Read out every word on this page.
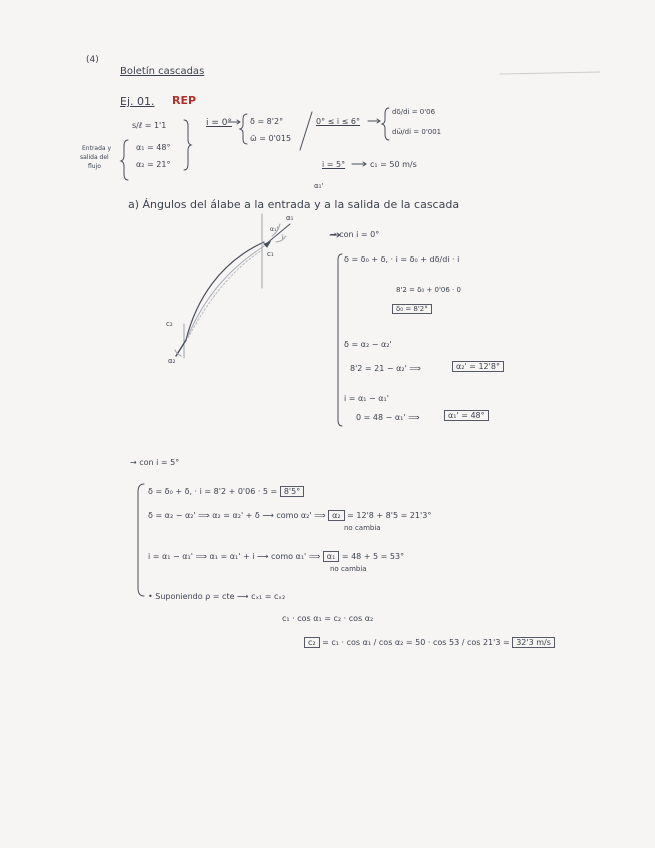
(4)
Boletín cascadas
Ej. 01. REP
Entrada y
salida del
flujo
s/ℓ = 1'1
α₁ = 48°
α₂ = 21°
i = 0° δ = 8'2°
ω̄ = 0'015
0° ≤ i ≤ 6°
dδ/di = 0'06
dω̄/di = 0'001
i = 5°	c₁ = 50 m/s
α₁'
a) Ángulos del álabe a la entrada y a la salida de la cascada
α₁
α₁'
i
c₁
c₂
α₂
→ con i = 0°
δ = δ₀ + δ, · i = δ₀ + dδ/di · i
8'2 = δ₀ + 0'06 · 0
δ₀ = 8'2°
δ = α₂ − α₂'
8'2 = 21 − α₂' ⟹	α₂' = 12'8°
i = α₁ − α₁'
0 = 48 − α₁' ⟹	α₁' = 48°
→ con i = 5°
δ = δ₀ + δ, · i = 8'2 + 0'06 · 5 = 8'5°
δ = α₂ − α₂' ⟹ α₂ = α₂' + δ ⟶ como α₂' ⟹ α₂ = 12'8 + 8'5 = 21'3°
no cambia
i = α₁ − α₁' ⟹ α₁ = α₁' + i ⟶ como α₁' ⟹ α₁ = 48 + 5 = 53°
no cambia
• Suponiendo ρ = cte ⟶ cₓ₁ = cₓ₂
c₁ · cos α₁ = c₂ · cos α₂
c₂ = c₁ · cos α₁ / cos α₂ = 50 · cos 53 / cos 21'3 = 32'3 m/s
